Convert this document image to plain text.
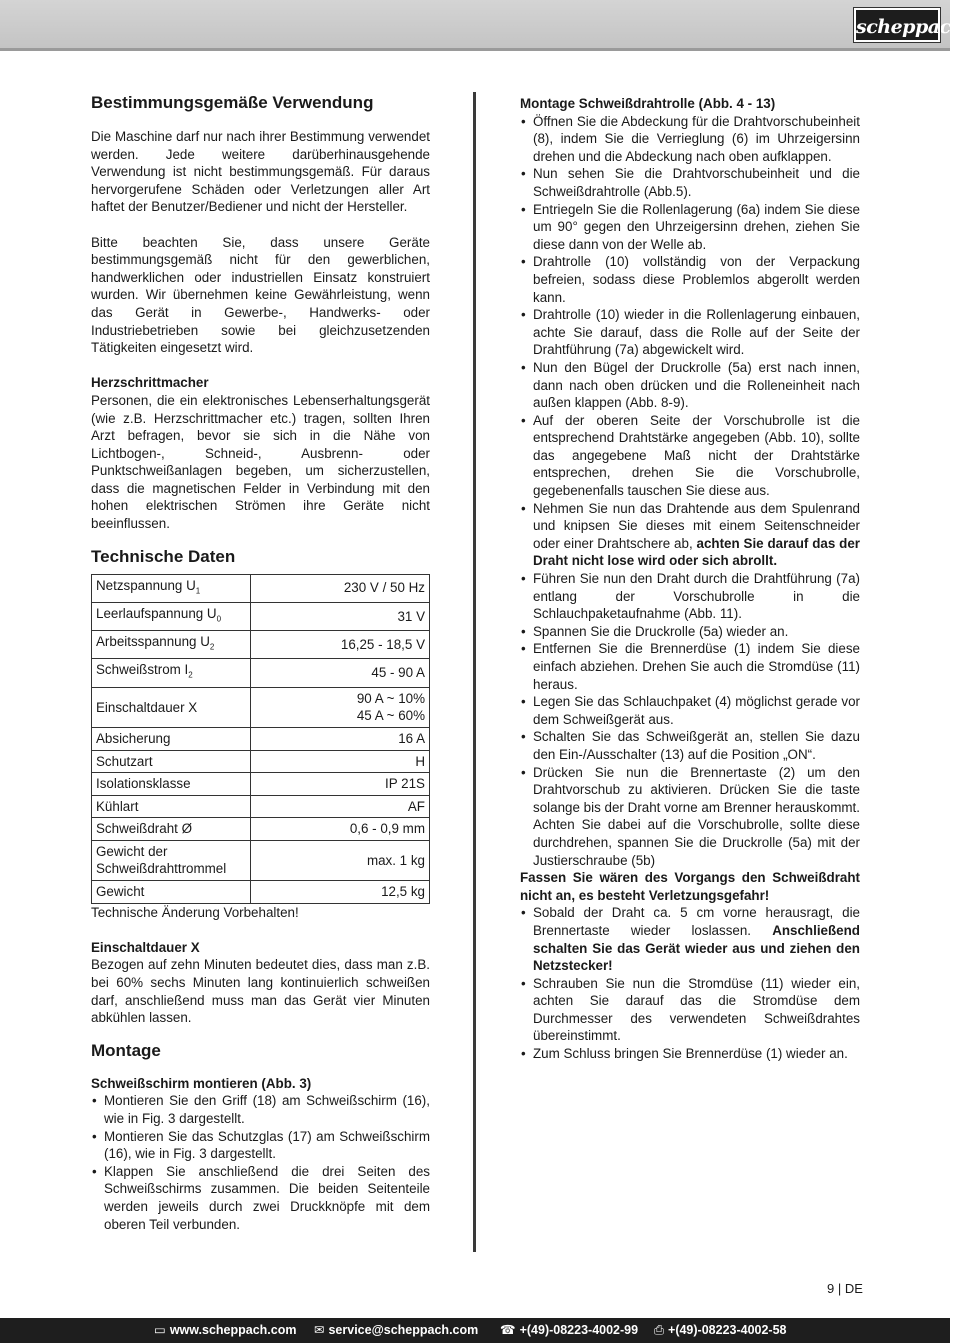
scheppach
Bestimmungsgemäße Verwendung

Die Maschine darf nur nach ihrer Bestimmung verwendet werden. Jede weitere darüberhinausgehende Verwendung ist nicht bestimmungsgemäß. Für daraus hervorgerufene Schäden oder Verletzungen aller Art haftet der Benutzer/Bediener und nicht der Hersteller.

Bitte beachten Sie, dass unsere Geräte bestimmungsgemäß nicht für den gewerblichen, handwerklichen oder industriellen Einsatz konstruiert wurden. Wir übernehmen keine Gewährleistung, wenn das Gerät in Gewerbe-, Handwerks- oder Industriebetrieben sowie bei gleichzusetzenden Tätigkeiten eingesetzt wird.

Herzschrittmacher

Personen, die ein elektronisches Lebenserhaltungsgerät (wie z.B. Herzschrittmacher etc.) tragen, sollten Ihren Arzt befragen, bevor sie sich in die Nähe von Lichtbogen-, Schneid-, Ausbrenn- oder Punktschweißanlagen begeben, um sicherzustellen, dass die magnetischen Felder in Verbindung mit den hohen elektrischen Strömen ihre Geräte nicht beeinflussen.

Technische Daten
Netzspannung $U_1$	230 V / 50 Hz
Leerlaufspannung $U_0$	31 V
Arbeitsspannung $U_2$	16,25 - 18,5 V
Schweißstrom $I_2$	45 - 90 A
Einschaltdauer X	90 A ~ 10%
45 A ~ 60%

Absicherung	16 A
Schutzart	H
Isolationsklasse	IP 21S
Kühlart	AF
Schweißdraht Ø	0,6 - 0,9 mm
Gewicht der Schweißdrahttrommel	max. 1 kg
Gewicht	12,5 kg

Technische Änderung Vorbehalten!

Einschaltdauer X

Bezogen auf zehn Minuten bedeutet dies, dass man z.B. bei 60% sechs Minuten lang kontinuierlich schweißen darf, anschließend muss man das Gerät vier Minuten abkühlen lassen.

Montage
Schweißschirm montieren (Abb. 3)
• Montieren Sie den Griff (18) am Schweißschirm (16), wie in Fig. 3 dargestellt.
• Montieren Sie das Schutzglas (17) am Schweißschirm (16), wie in Fig. 3 dargestellt.
• Klappen Sie anschließend die drei Seiten des Schweißschirms zusammen. Die beiden Seitenteile werden jeweils durch zwei Druckknöpfe mit dem oberen Teil verbunden.
Montage Schweißdrahtrolle (Abb. 4 - 13)
• Öffnen Sie die Abdeckung für die Drahtvorschubeinheit (8), indem Sie die Verrieglung (6) im Uhrzeigersinn drehen und die Abdeckung nach oben aufklappen.
• Nun sehen Sie die Drahtvorschubeinheit und die Schweißdrahtrolle (Abb.5).
• Entriegeln Sie die Rollenlagerung (6a) indem Sie diese um 90° gegen den Uhrzeigersinn drehen, ziehen Sie diese dann von der Welle ab.
• Drahtrolle (10) vollständig von der Verpackung befreien, sodass diese Problemlos abgerollt werden kann.
• Drahtrolle (10) wieder in die Rollenlagerung einbauen, achte Sie darauf, dass die Rolle auf der Seite der Drahtführung (7a) abgewickelt wird.
• Nun den Bügel der Druckrolle (5a) erst nach innen, dann nach oben drücken und die Rolleneinheit nach außen klappen (Abb. 8-9).
• Auf der oberen Seite der Vorschubrolle ist die entsprechend Drahtstärke angegeben (Abb. 10), sollte das angegebene Maß nicht der Drahtstärke entsprechen, drehen Sie die Vorschubrolle, gegebenenfalls tauschen Sie diese aus.
• Nehmen Sie nun das Drahtende aus dem Spulenrand und knipsen Sie dieses mit einem Seitenschneider oder einer Drahtschere ab, achten Sie darauf das der Draht nicht lose wird oder sich abrollt.
• Führen Sie nun den Draht durch die Drahtführung (7a) entlang der Vorschubrolle in die Schlauchpaketaufnahme (Abb. 11).
• Spannen Sie die Druckrolle (5a) wieder an.
• Entfernen Sie die Brennerdüse (1) indem Sie diese einfach abziehen. Drehen Sie auch die Stromdüse (11) heraus.
• Legen Sie das Schlauchpaket (4) möglichst gerade vor dem Schweißgerät aus.
• Schalten Sie das Schweißgerät an, stellen Sie dazu den Ein-/Ausschalter (13) auf die Position „ON“.
• Drücken Sie nun die Brennertaste (2) um den Drahtvorschub zu aktivieren. Drücken Sie die taste solange bis der Draht vorne am Brenner herauskommt. Achten Sie dabei auf die Vorschubrolle, sollte diese durchdrehen, spannen Sie die Druckrolle (5a) mit der Justierschraube (5b)

Fassen Sie wären des Vorgangs den Schweißdraht nicht an, es besteht Verletzungsgefahr!

• Sobald der Draht ca. 5 cm vorne herausragt, die Brennertaste wieder loslassen. Anschließend schalten Sie das Gerät wieder aus und ziehen den Netzstecker!
• Schrauben Sie nun die Stromdüse (11) wieder ein, achten Sie darauf das die Stromdüse dem Durchmesser des verwendeten Schweißdrahtes übereinstimmt.
• Zum Schluss bringen Sie Brennerdüse (1) wieder an.
9 | DE
▭ www.scheppach.com ✉ service@scheppach.com ☎ +(49)-08223-4002-99 ⎙ +(49)-08223-4002-58
